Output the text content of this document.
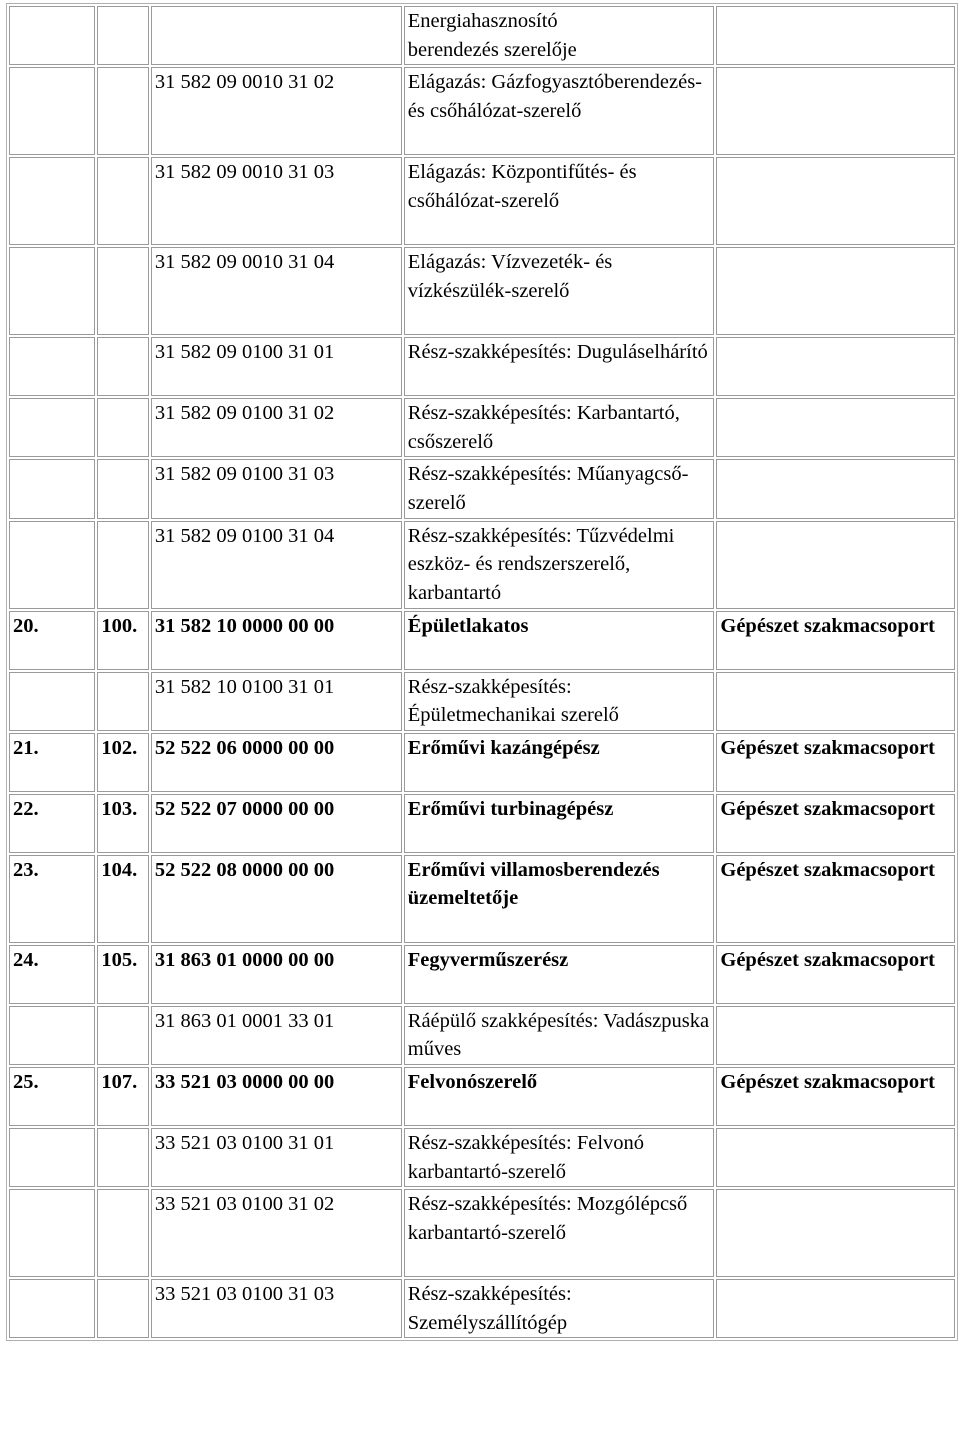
			Energiahasznosító
berendezés szerelője	
		31 582 09 0010 31 02	Elágazás: Gázfogyasztóberendezés- és csőhálózat-szerelő	
		31 582 09 0010 31 03	Elágazás: Központifűtés- és csőhálózat-szerelő	
		31 582 09 0010 31 04	Elágazás: Vízvezeték- és vízkészülék-szerelő	
		31 582 09 0100 31 01	Rész-szakképesítés: Duguláselhárító	
		31 582 09 0100 31 02	Rész-szakképesítés: Karbantartó, csőszerelő	
		31 582 09 0100 31 03	Rész-szakképesítés: Műanyagcső-szerelő	
		31 582 09 0100 31 04	Rész-szakképesítés: Tűzvédelmi eszköz- és rendszerszerelő, karbantartó	
20.	100.	31 582 10 0000 00 00	Épületlakatos	Gépészet szakmacsoport
		31 582 10 0100 31 01	Rész-szakképesítés: Épületmechanikai szerelő	
21.	102.	52 522 06 0000 00 00	Erőművi kazángépész	Gépészet szakmacsoport
22.	103.	52 522 07 0000 00 00	Erőművi turbinagépész	Gépészet szakmacsoport
23.	104.	52 522 08 0000 00 00	Erőművi villamosberendezés üzemeltetője	Gépészet szakmacsoport
24.	105.	31 863 01 0000 00 00	Fegyverműszerész	Gépészet szakmacsoport
		31 863 01 0001 33 01	Ráépülő szakképesítés: Vadászpuska műves	
25.	107.	33 521 03 0000 00 00	Felvonószerelő	Gépészet szakmacsoport
		33 521 03 0100 31 01	Rész-szakképesítés: Felvonó karbantartó-szerelő	
		33 521 03 0100 31 02	Rész-szakképesítés: Mozgólépcső karbantartó-szerelő	
		33 521 03 0100 31 03	Rész-szakképesítés: Személyszállítógép	
